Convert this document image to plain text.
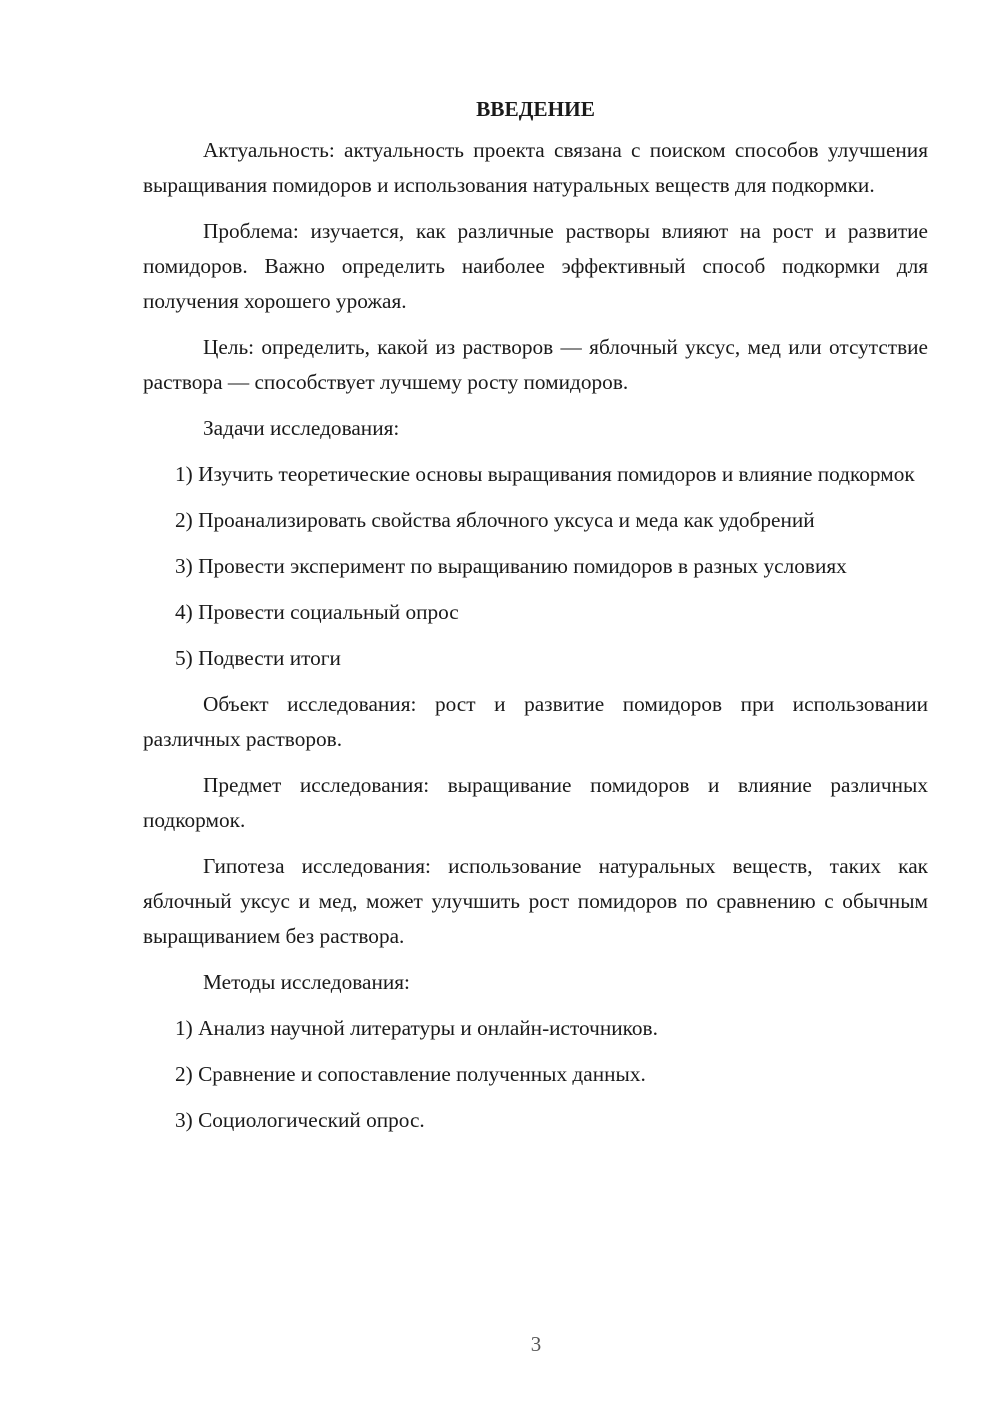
ВВЕДЕНИЕ

Актуальность: актуальность проекта связана с поиском способов улучшения выращивания помидоров и использования натуральных веществ для подкормки.

Проблема: изучается, как различные растворы влияют на рост и развитие помидоров. Важно определить наиболее эффективный способ подкормки для получения хорошего урожая.

Цель: определить, какой из растворов — яблочный уксус, мед или отсутствие раствора — способствует лучшему росту помидоров.

Задачи исследования:

1) Изучить теоретические основы выращивания помидоров и влияние подкормок

2) Проанализировать свойства яблочного уксуса и меда как удобрений

3) Провести эксперимент по выращиванию помидоров в разных условиях

4) Провести социальный опрос

5) Подвести итоги

Объект исследования: рост и развитие помидоров при использовании различных растворов.

Предмет исследования: выращивание помидоров и влияние различных подкормок.

Гипотеза исследования: использование натуральных веществ, таких как яблочный уксус и мед, может улучшить рост помидоров по сравнению с обычным выращиванием без раствора.

Методы исследования:

1) Анализ научной литературы и онлайн-источников.

2) Сравнение и сопоставление полученных данных.

3) Социологический опрос.

3
